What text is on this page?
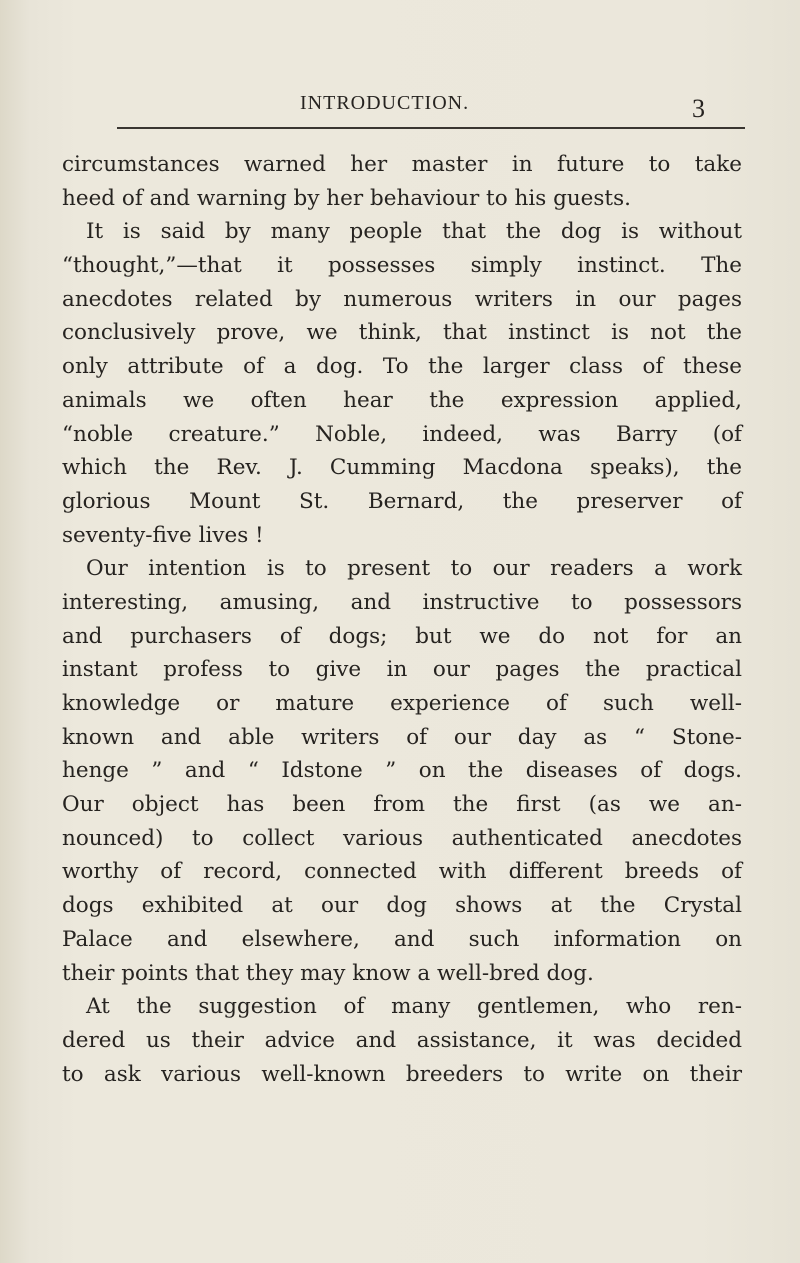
INTRODUCTION.	3
circumstances warned her master in future to take
heed of and warning by her behaviour to his guests.
It is said by many people that the dog is without
“thought,”—that it possesses simply instinct. The
anecdotes related by numerous writers in our pages
conclusively prove, we think, that instinct is not the
only attribute of a dog. To the larger class of these
animals we often hear the expression applied,
“noble creature.” Noble, indeed, was Barry (of
which the Rev. J. Cumming Macdona speaks), the
glorious Mount St. Bernard, the preserver of
seventy-five lives !
Our intention is to present to our readers a work
interesting, amusing, and instructive to possessors
and purchasers of dogs; but we do not for an
instant profess to give in our pages the practical
knowledge or mature experience of such well-
known and able writers of our day as “ Stone-
henge ” and “ Idstone ” on the diseases of dogs.
Our object has been from the first (as we an-
nounced) to collect various authenticated anecdotes
worthy of record, connected with different breeds of
dogs exhibited at our dog shows at the Crystal
Palace and elsewhere, and such information on
their points that they may know a well-bred dog.
At the suggestion of many gentlemen, who ren-
dered us their advice and assistance, it was decided
to ask various well-known breeders to write on their
